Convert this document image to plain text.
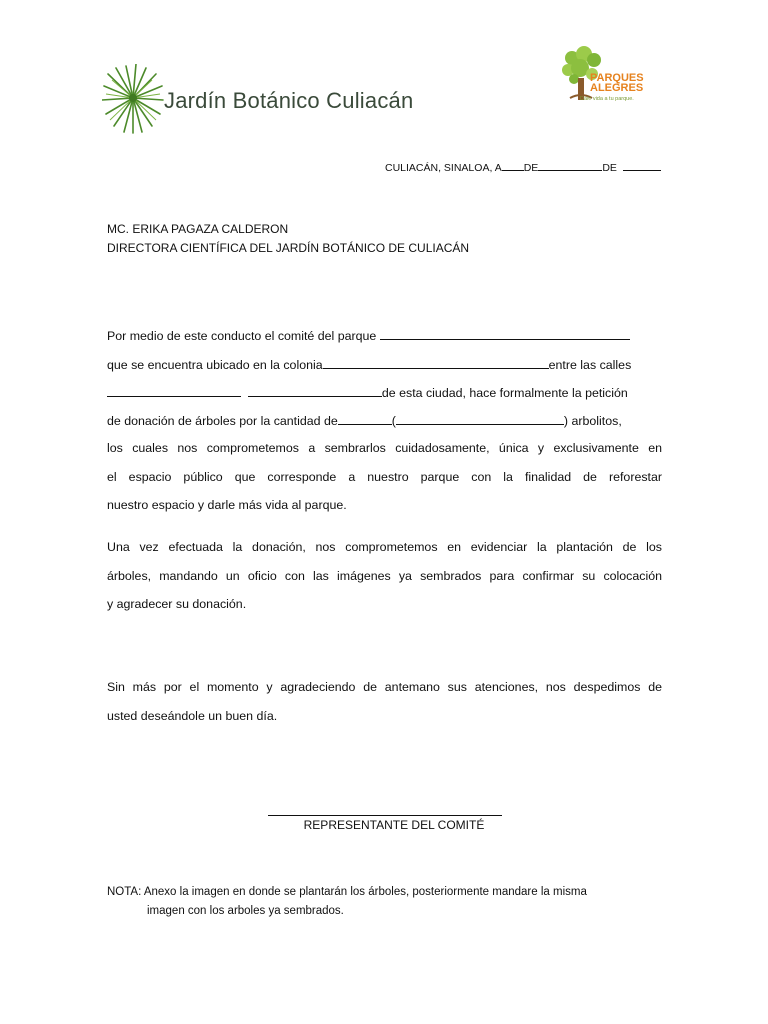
Jardín Botánico Culiacán
PARQUES ALEGRES
Dale vida a tu parque.
CULIACÁN, SINALOA, A DE	DE
MC. ERIKA PAGAZA CALDERON
DIRECTORA CIENTÍFICA DEL JARDÍN BOTÁNICO DE CULIACÁN
Por medio de este conducto el comité del parque
que se encuentra ubicado en la colonia	entre las calles
de esta ciudad, hace formalmente la petición
de donación de árboles por la cantidad de	(	) arbolitos,
los cuales nos comprometemos a sembrarlos cuidadosamente, única y exclusivamente en
el espacio público que corresponde a nuestro parque con la finalidad de reforestar
nuestro espacio y darle más vida al parque.
Una vez efectuada la donación, nos comprometemos en evidenciar la plantación de los
árboles, mandando un oficio con las imágenes ya sembrados para confirmar su colocación
y agradecer su donación.
Sin más por el momento y agradeciendo de antemano sus atenciones, nos despedimos de
usted deseándole un buen día.
REPRESENTANTE DEL COMITÉ
NOTA: Anexo la imagen en donde se plantarán los árboles, posteriormente mandare la misma
imagen con los arboles ya sembrados.
